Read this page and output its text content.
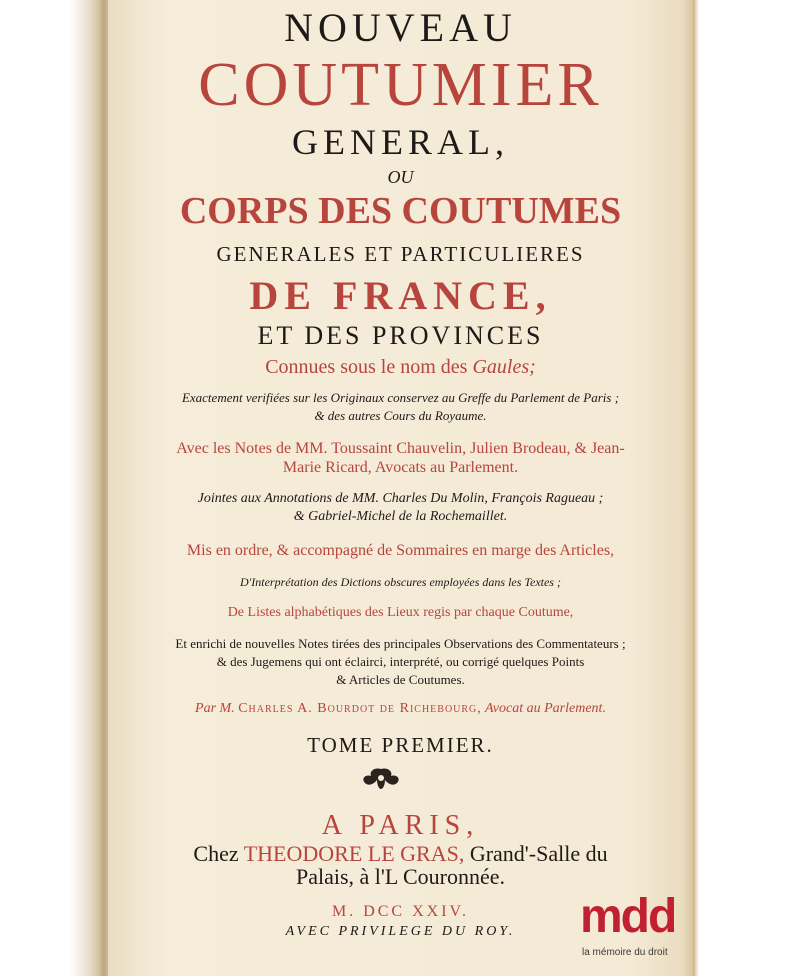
NOUVEAU
COUTUMIER
GENERAL,
OU
CORPS DES COUTUMES
GENERALES ET PARTICULIERES
DE FRANCE,
ET DES PROVINCES
Connues sous le nom des Gaules;
Exactement verifiées sur les Originaux conservez au Greffe du Parlement de Paris ;
& des autres Cours du Royaume.
Avec les Notes de MM. Toussaint Chauvelin, Julien Brodeau, & Jean-
Marie Ricard, Avocats au Parlement.
Jointes aux Annotations de MM. Charles Du Molin, François Ragueau ;
& Gabriel-Michel de la Rochemaillet.
Mis en ordre, & accompagné de Sommaires en marge des Articles,
D'Interprétation des Dictions obscures employées dans les Textes ;
De Listes alphabétiques des Lieux regis par chaque Coutume,
Et enrichi de nouvelles Notes tirées des principales Observations des Commentateurs ;
& des Jugemens qui ont éclairci, interprété, ou corrigé quelques Points
& Articles de Coutumes.
Par M. Charles A. Bourdot de Richebourg, Avocat au Parlement.
TOME PREMIER.
A PARIS,
Chez THEODORE LE GRAS, Grand'-Salle du
Palais, à l'L Couronnée.
M. DCC XXIV.
AVEC PRIVILEGE DU ROY.	mdd
la mémoire du droit
